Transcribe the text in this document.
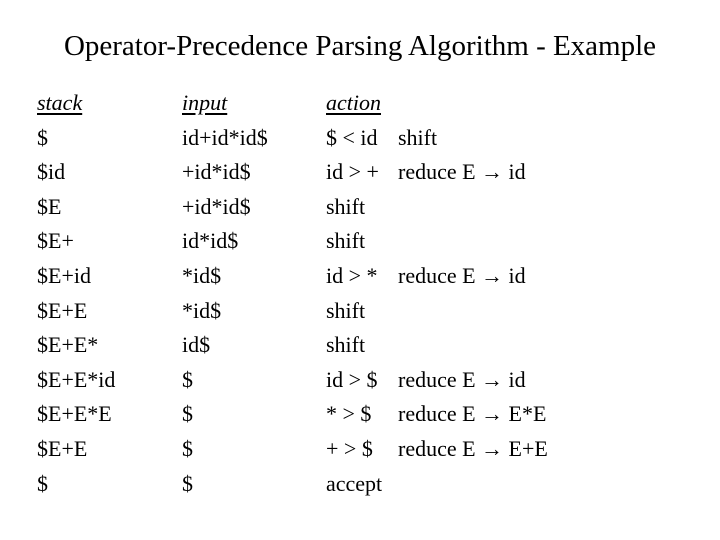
Operator-Precedence Parsing Algorithm - Example
stack
$
$id
$E
$E+
$E+id
$E+E
$E+E*
$E+E*id
$E+E*E
$E+E
$
input
id+id*id$
+id*id$
+id*id$
id*id$
*id$
*id$
id$
$
$
$
$
action
$ < id shift
id > + reduce E → id
shift
shift
id > * reduce E → id
shift
shift
id > $ reduce E → id
* > $ reduce E → E*E
+ > $ reduce E → E+E
accept
